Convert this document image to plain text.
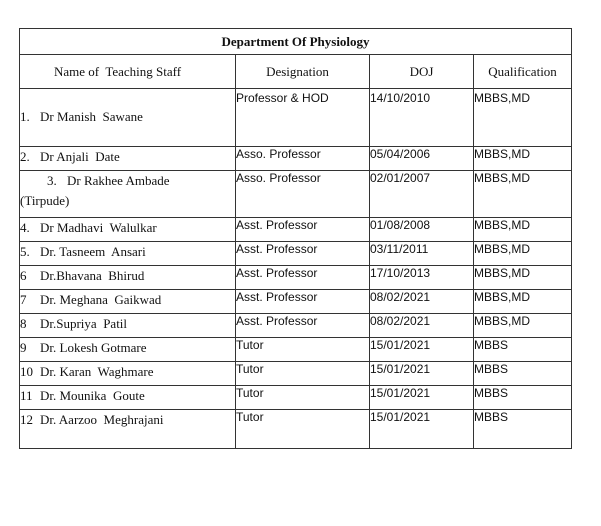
Department Of Physiology			
Name of  Teaching Staff	Designation	DOJ	Qualification
1. Dr Manish  Sawane	Professor & HOD	14/10/2010	MBBS,MD
2. Dr Anjali  Date	Asso. Professor	05/04/2006	MBBS,MD
3. Dr Rakhee Ambade
(Tirpude)	Asso. Professor	02/01/2007	MBBS,MD
4. Dr Madhavi  Walulkar	Asst. Professor	01/08/2008	MBBS,MD
5. Dr. Tasneem  Ansari	Asst. Professor	03/11/2011	MBBS,MD
6 Dr.Bhavana  Bhirud	Asst. Professor	17/10/2013	MBBS,MD
7 Dr. Meghana  Gaikwad	Asst. Professor	08/02/2021	MBBS,MD
8 Dr.Supriya  Patil	Asst. Professor	08/02/2021	MBBS,MD
9 Dr. Lokesh Gotmare	Tutor	15/01/2021	MBBS
10 Dr. Karan  Waghmare	Tutor	15/01/2021	MBBS
11 Dr. Mounika  Goute	Tutor	15/01/2021	MBBS
12 Dr. Aarzoo  Meghrajani	Tutor	15/01/2021	MBBS
